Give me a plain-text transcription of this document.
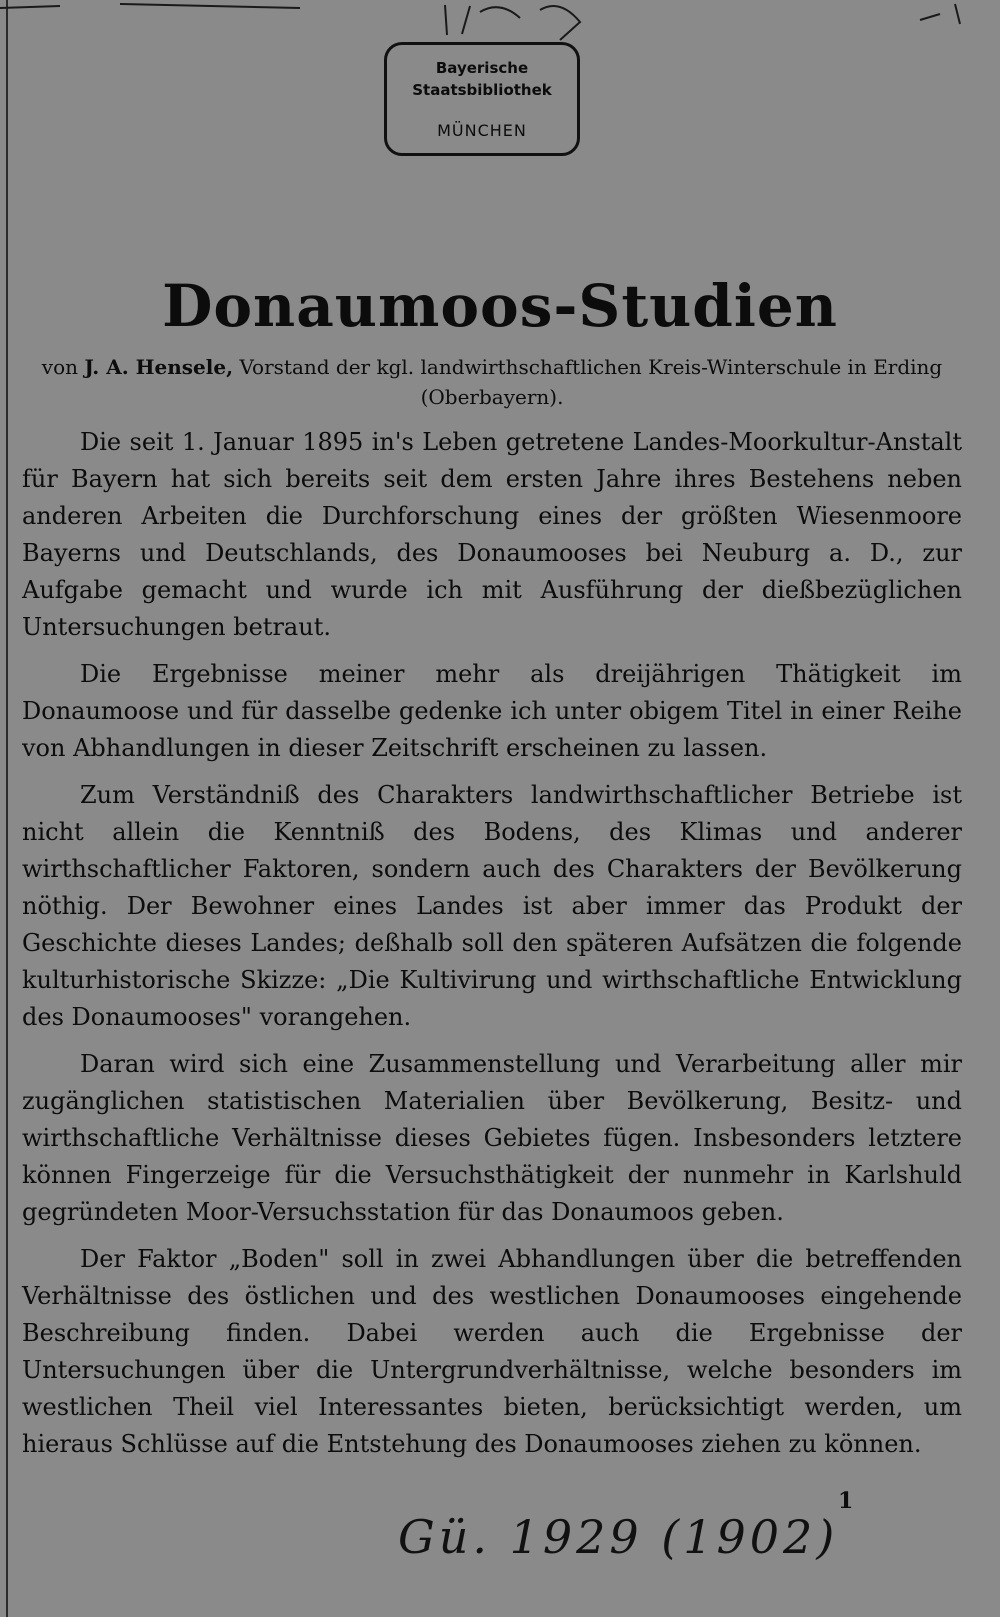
Bayerische
Staatsbibliothek
MÜNCHEN
Donaumoos-Studien
von J. A. Hensele, Vorstand der kgl. landwirthschaftlichen Kreis-Winterschule in Erding (Oberbayern).

Die seit 1. Januar 1895 in's Leben getretene Landes-Moorkultur-Anstalt für Bayern hat sich bereits seit dem ersten Jahre ihres Bestehens neben anderen Arbeiten die Durchforschung eines der größten Wiesenmoore Bayerns und Deutschlands, des Donaumooses bei Neuburg a. D., zur Aufgabe gemacht und wurde ich mit Ausführung der dießbezüglichen Untersuchungen betraut.

Die Ergebnisse meiner mehr als dreijährigen Thätigkeit im Donaumoose und für dasselbe gedenke ich unter obigem Titel in einer Reihe von Abhandlungen in dieser Zeitschrift erscheinen zu lassen.

Zum Verständniß des Charakters landwirthschaftlicher Betriebe ist nicht allein die Kenntniß des Bodens, des Klimas und anderer wirthschaftlicher Faktoren, sondern auch des Charakters der Bevölkerung nöthig. Der Bewohner eines Landes ist aber immer das Produkt der Geschichte dieses Landes; deßhalb soll den späteren Aufsätzen die folgende kulturhistorische Skizze: „Die Kultivirung und wirthschaftliche Entwicklung des Donaumooses" vorangehen.

Daran wird sich eine Zusammenstellung und Verarbeitung aller mir zugänglichen statistischen Materialien über Bevölkerung, Besitz- und wirthschaftliche Verhältnisse dieses Gebietes fügen. Insbesonders letztere können Fingerzeige für die Versuchsthätigkeit der nunmehr in Karlshuld gegründeten Moor-Versuchsstation für das Donaumoos geben.

Der Faktor „Boden" soll in zwei Abhandlungen über die betreffenden Verhältnisse des östlichen und des westlichen Donaumooses eingehende Beschreibung finden. Dabei werden auch die Ergebnisse der Untersuchungen über die Untergrundverhältnisse, welche besonders im westlichen Theil viel Interessantes bieten, berücksichtigt werden, um hieraus Schlüsse auf die Entstehung des Donaumooses ziehen zu können.

1
Gü. 1929 (1902)
